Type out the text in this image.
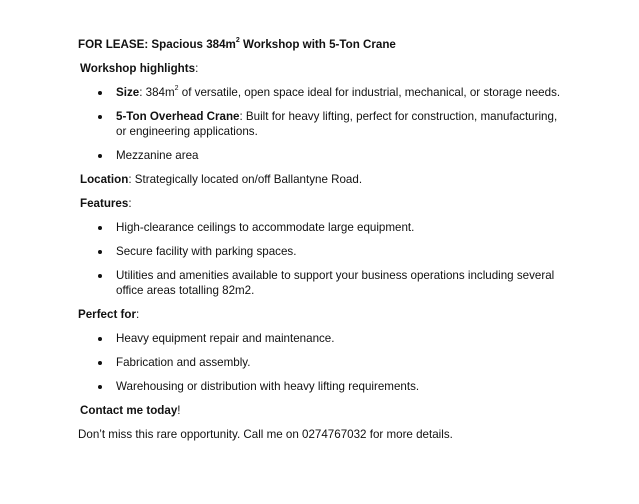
FOR LEASE: Spacious $384m^2$ Workshop with 5-Ton Crane

Workshop highlights:

Size: $384m^2$ of versatile, open space ideal for industrial, mechanical, or storage needs.
5-Ton Overhead Crane: Built for heavy lifting, perfect for construction, manufacturing, or engineering applications.
Mezzanine area

Location: Strategically located on/off Ballantyne Road.

Features:

High-clearance ceilings to accommodate large equipment.
Secure facility with parking spaces.
Utilities and amenities available to support your business operations including several office areas totalling 82m2.

Perfect for:

Heavy equipment repair and maintenance.
Fabrication and assembly.
Warehousing or distribution with heavy lifting requirements.

Contact me today!

Don’t miss this rare opportunity. Call me on 0274767032 for more details.
